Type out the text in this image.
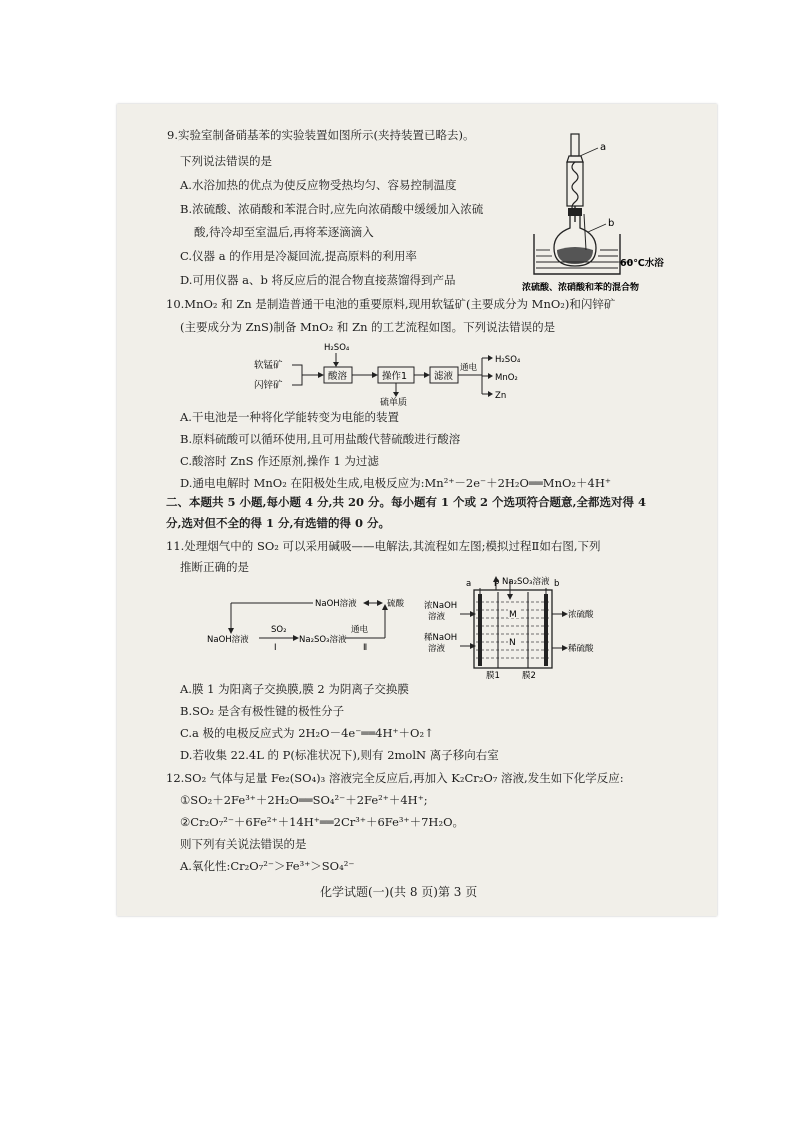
9.实验室制备硝基苯的实验装置如图所示(夹持装置已略去)。
下列说法错误的是
A.水浴加热的优点为使反应物受热均匀、容易控制温度
B.浓硫酸、浓硝酸和苯混合时,应先向浓硝酸中缓缓加入浓硫
酸,待冷却至室温后,再将苯逐滴滴入
C.仪器 a 的作用是冷凝回流,提高原料的利用率
D.可用仪器 a、b 将反应后的混合物直接蒸馏得到产品
a
b
60℃水浴
浓硫酸、浓硝酸和苯的混合物
10.MnO₂ 和 Zn 是制造普通干电池的重要原料,现用软锰矿(主要成分为 MnO₂)和闪锌矿
(主要成分为 ZnS)制备 MnO₂ 和 Zn 的工艺流程如图。下列说法错误的是
软锰矿
闪锌矿
H₂SO₄
酸溶	操作1
硫单质
滤液
通电
H₂SO₄
MnO₂
Zn
A.干电池是一种将化学能转变为电能的装置
B.原料硫酸可以循环使用,且可用盐酸代替硫酸进行酸溶
C.酸溶时 ZnS 作还原剂,操作 1 为过滤
D.通电电解时 MnO₂ 在阳极处生成,电极反应为:Mn²⁺－2e⁻＋2H₂O══MnO₂＋4H⁺
二、本题共 5 小题,每小题 4 分,共 20 分。每小题有 1 个或 2 个选项符合题意,全都选对得 4
分,选对但不全的得 1 分,有选错的得 0 分。
11.处理烟气中的 SO₂ 可以采用碱吸——电解法,其流程如左图;模拟过程Ⅱ如右图,下列
推断正确的是
NaOH溶液	硫酸
NaOH溶液
SO₂
Ⅰ
Na₂SO₃溶液
通电
Ⅱ
a	Na₂SO₃溶液 b
M
N
浓NaOH
溶液
稀NaOH
溶液
浓硫酸
稀硫酸
膜1	膜2
A.膜 1 为阳离子交换膜,膜 2 为阴离子交换膜
B.SO₂ 是含有极性键的极性分子
C.a 极的电极反应式为 2H₂O－4e⁻══4H⁺＋O₂↑
D.若收集 22.4L 的 P(标准状况下),则有 2molN 离子移向右室
12.SO₂ 气体与足量 Fe₂(SO₄)₃ 溶液完全反应后,再加入 K₂Cr₂O₇ 溶液,发生如下化学反应:
①SO₂＋2Fe³⁺＋2H₂O══SO₄²⁻＋2Fe²⁺＋4H⁺;
②Cr₂O₇²⁻＋6Fe²⁺＋14H⁺══2Cr³⁺＋6Fe³⁺＋7H₂O。
则下列有关说法错误的是
A.氧化性:Cr₂O₇²⁻＞Fe³⁺＞SO₄²⁻
化学试题(一)(共 8 页)第 3 页
